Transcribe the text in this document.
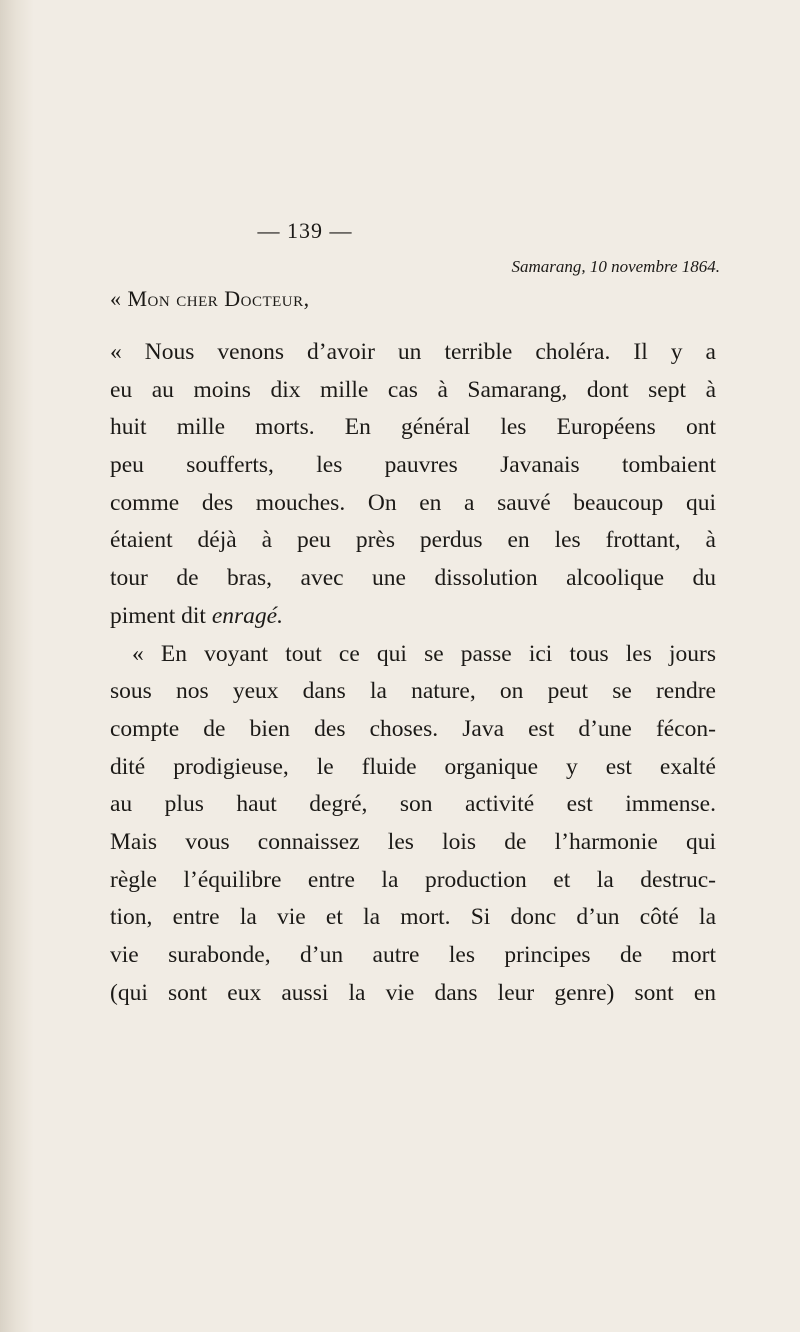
— 139 —
Samarang, 10 novembre 1864.
« Mon cher Docteur,
« Nous venons d’avoir un terrible choléra. Il y a
eu au moins dix mille cas à Samarang, dont sept à
huit mille morts. En général les Européens ont
peu soufferts, les pauvres Javanais tombaient
comme des mouches. On en a sauvé beaucoup qui
étaient déjà à peu près perdus en les frottant, à
tour de bras, avec une dissolution alcoolique du
piment dit enragé.
« En voyant tout ce qui se passe ici tous les jours
sous nos yeux dans la nature, on peut se rendre
compte de bien des choses. Java est d’une fécon-
dité prodigieuse, le fluide organique y est exalté
au plus haut degré, son activité est immense.
Mais vous connaissez les lois de l’harmonie qui
règle l’équilibre entre la production et la destruc-
tion, entre la vie et la mort. Si donc d’un côté la
vie surabonde, d’un autre les principes de mort
(qui sont eux aussi la vie dans leur genre) sont en
